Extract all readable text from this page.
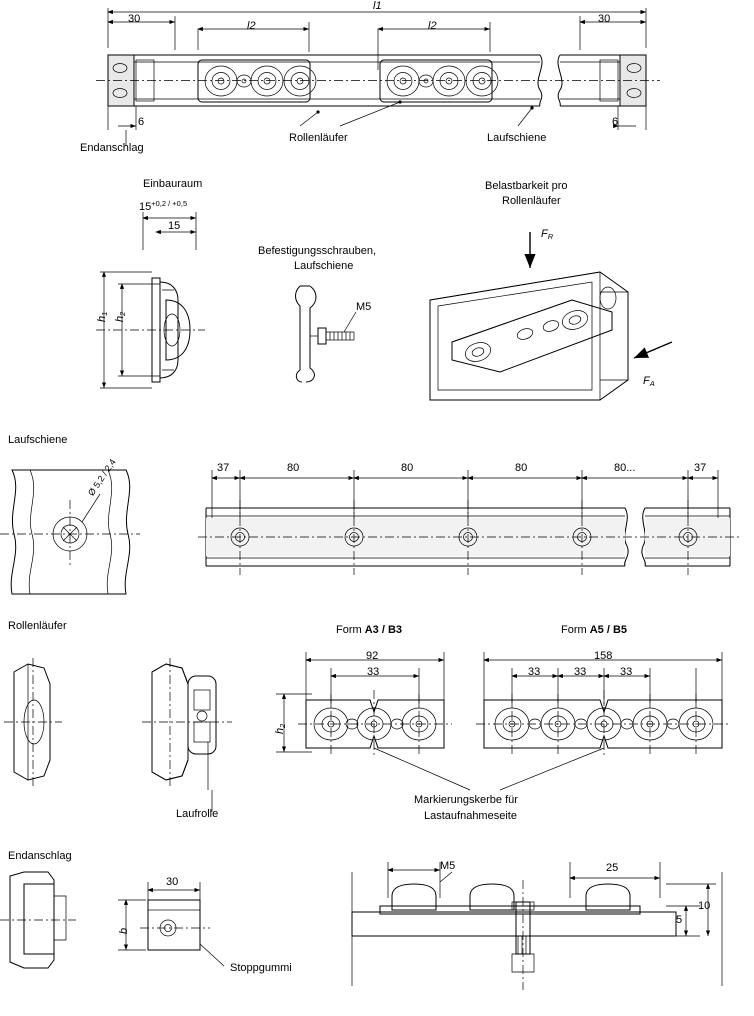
l1
30	30
l2	l2
6	6
Endanschlag
Rollenläufer	Laufschiene
Einbauraum
$15^{+0,2 / +0,5}$
15
$h_1$
$h_2$
Befestigungsschrauben,
Laufschiene
M5
Belastbarkeit pro
Rollenläufer
$F_R$
$F_A$
Laufschiene
Ø 5,2 / 2,4	37	80	80	80	80...	37
Rollenläufer
Laufrolle
Form A3 / B3
92
33
$h_2$
Form A5 / B5
158
33	33	33
Markierungskerbe für
Lastaufnahmeseite
Endanschlag
30
b
Stoppgummi
M5	25
5
10
